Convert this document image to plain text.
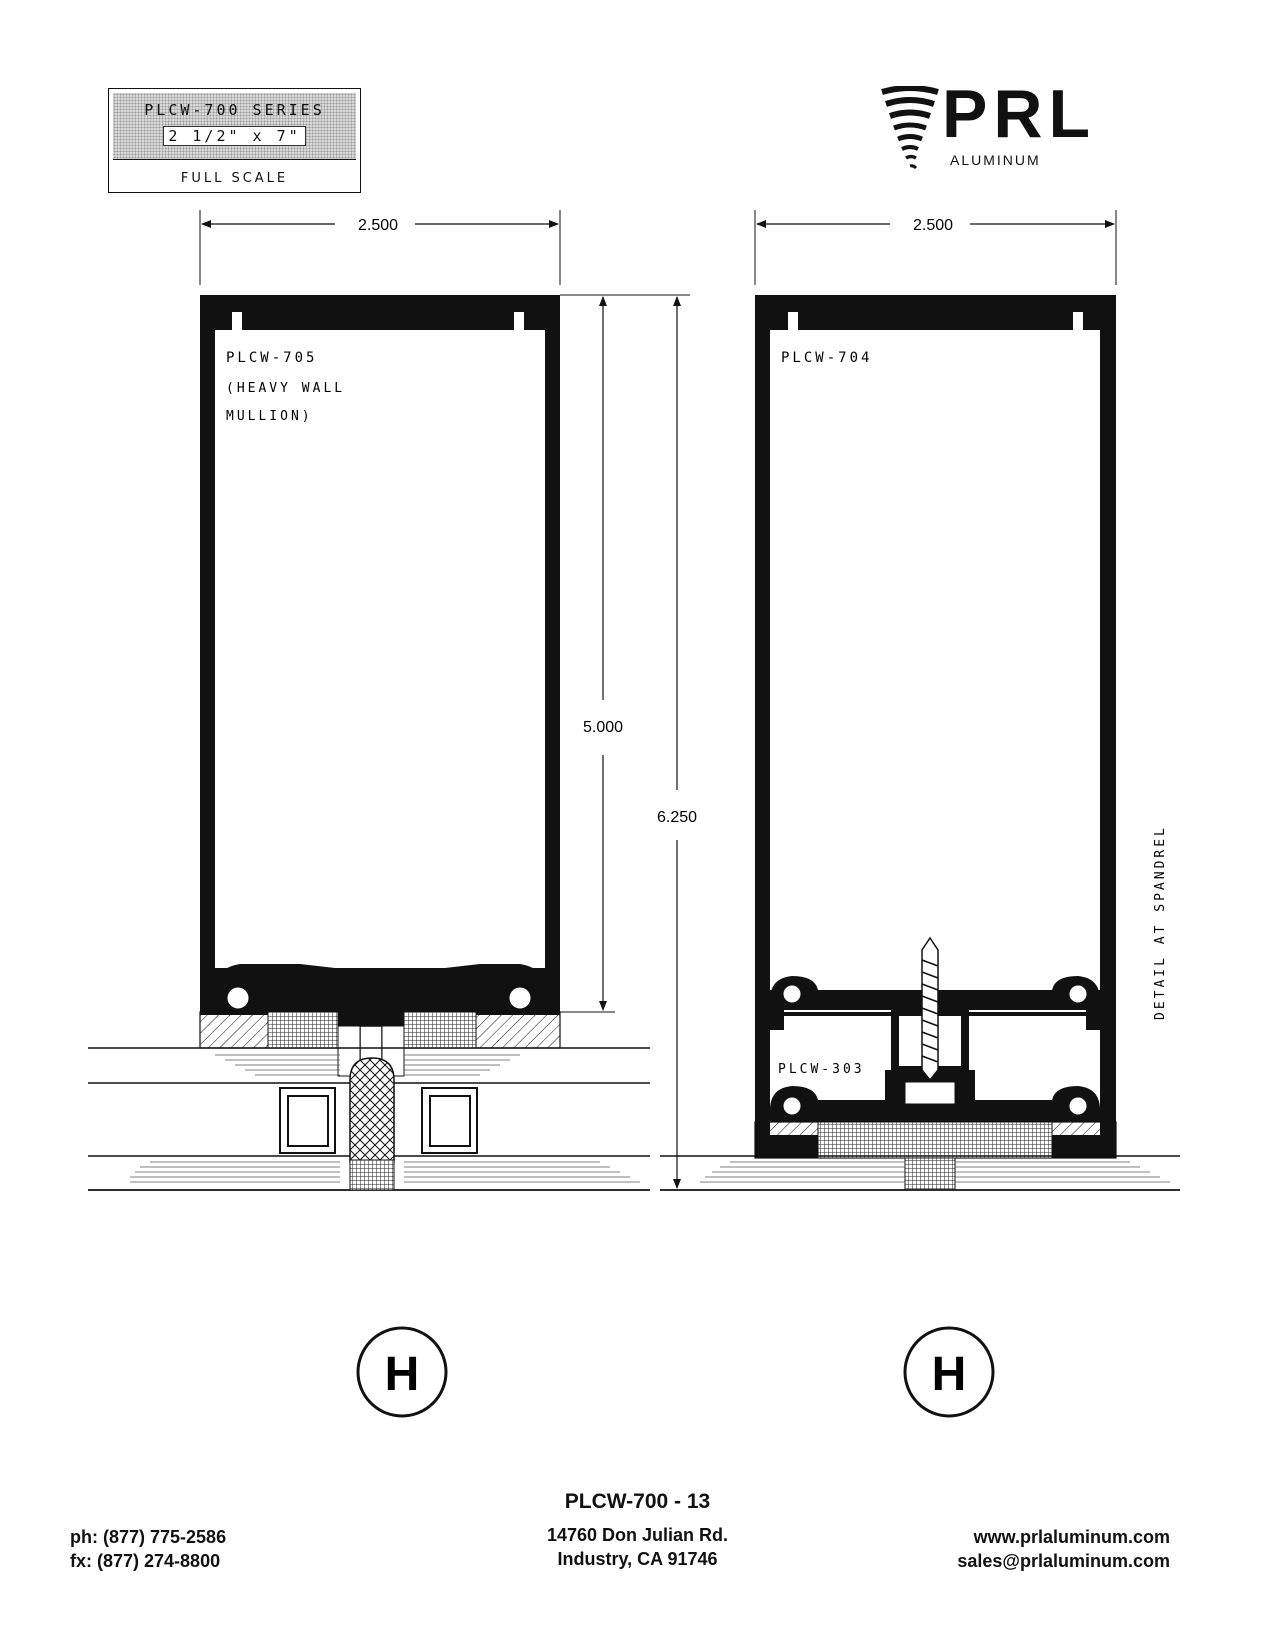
PLCW-700 SERIES
2 1/2" x 7"
FULL SCALE
PRL
ALUMINUM
2.500
PLCW-705
(HEAVY WALL
MULLION)
5.000
6.250
H
2.500
PLCW-704
PLCW-303
DETAIL AT SPANDREL
H
PLCW-700 - 13
14760 Don Julian Rd.
Industry, CA 91746
ph: (877) 775-2586
fx: (877) 274-8800
www.prlaluminum.com
sales@prlaluminum.com
